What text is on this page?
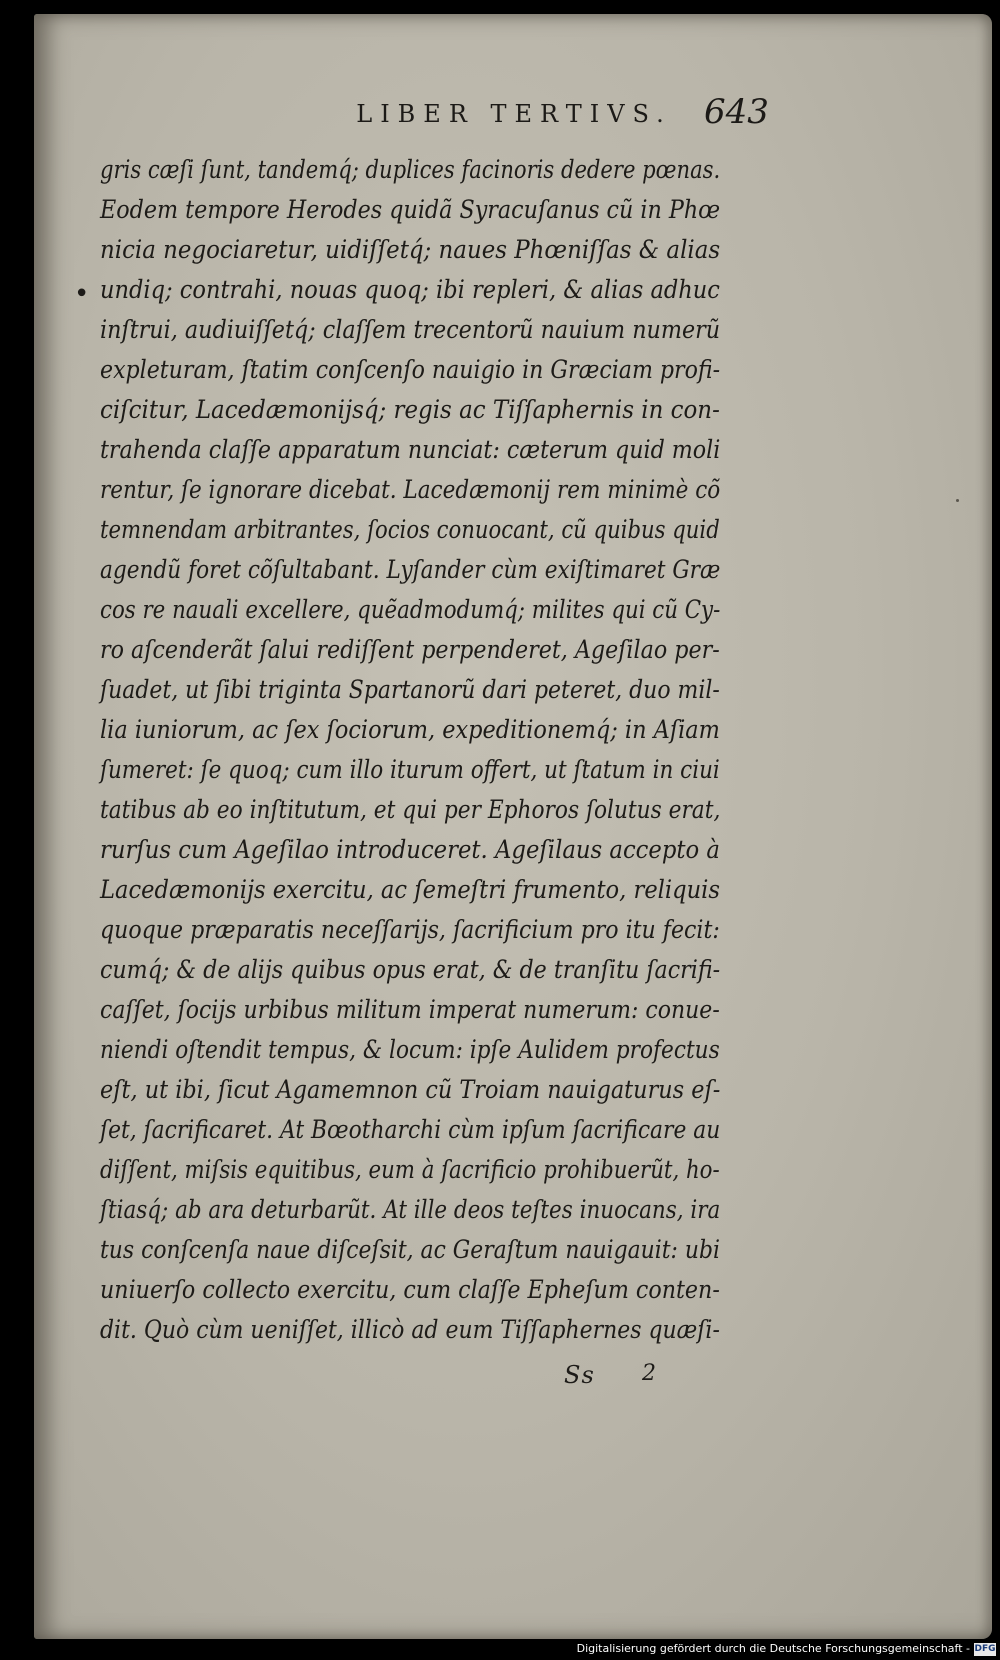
LIBER TERTIVS. 643
•
gris cæſi ſunt, tandemq́; duplices facinoris dedere pœnas.
Eodem tempore Herodes quidã Syracuſanus cũ in Phœ
nicia negociaretur, uidiſſetq́; naues Phœniſſas & alias
undiq; contrahi, nouas quoq; ibi repleri, & alias adhuc
inſtrui, audiuiſſetq́; claſſem trecentorũ nauium numerũ
expleturam, ſtatim conſcenſo nauigio in Græciam profi-
ciſcitur, Lacedæmonijsq́; regis ac Tiſſaphernis in con-
trahenda claſſe apparatum nunciat: cæterum quid moli
rentur, ſe ignorare dicebat. Lacedæmonij rem minimè cõ
temnendam arbitrantes, ſocios conuocant, cũ quibus quid
agendũ foret cõſultabant. Lyſander cùm exiſtimaret Græ
cos re nauali excellere, quẽadmodumq́; milites qui cũ Cy-
ro aſcenderãt ſalui rediſſent perpenderet, Ageſilao per-
ſuadet, ut ſibi triginta Spartanorũ dari peteret, duo mil-
lia iuniorum, ac ſex ſociorum, expeditionemq́; in Aſiam
ſumeret: ſe quoq; cum illo iturum offert, ut ſtatum in ciui
tatibus ab eo inſtitutum, et qui per Ephoros ſolutus erat,
rurſus cum Ageſilao introduceret. Ageſilaus accepto à
Lacedæmonijs exercitu, ac ſemeſtri frumento, reliquis
quoque præparatis neceſſarijs, ſacrificium pro itu fecit:
cumq́; & de alijs quibus opus erat, & de tranſitu ſacrifi-
caſſet, ſocijs urbibus militum imperat numerum: conue-
niendi oſtendit tempus, & locum: ipſe Aulidem profectus
eſt, ut ibi, ſicut Agamemnon cũ Troiam nauigaturus eſ-
ſet, ſacrificaret. At Bœotharchi cùm ipſum ſacrificare au
diſſent, miſsis equitibus, eum à ſacrificio prohibuerũt, ho-
ſtiasq́; ab ara deturbarũt. At ille deos teſtes inuocans, ira
tus conſcenſa naue diſceſsit, ac Geraſtum nauigauit: ubi
uniuerſo collecto exercitu, cum claſſe Epheſum conten-
dit. Quò cùm ueniſſet, illicò ad eum Tiſſaphernes quæſi-
Ss 2
Digitalisierung gefördert durch die Deutsche Forschungsgemeinschaft - DFG
